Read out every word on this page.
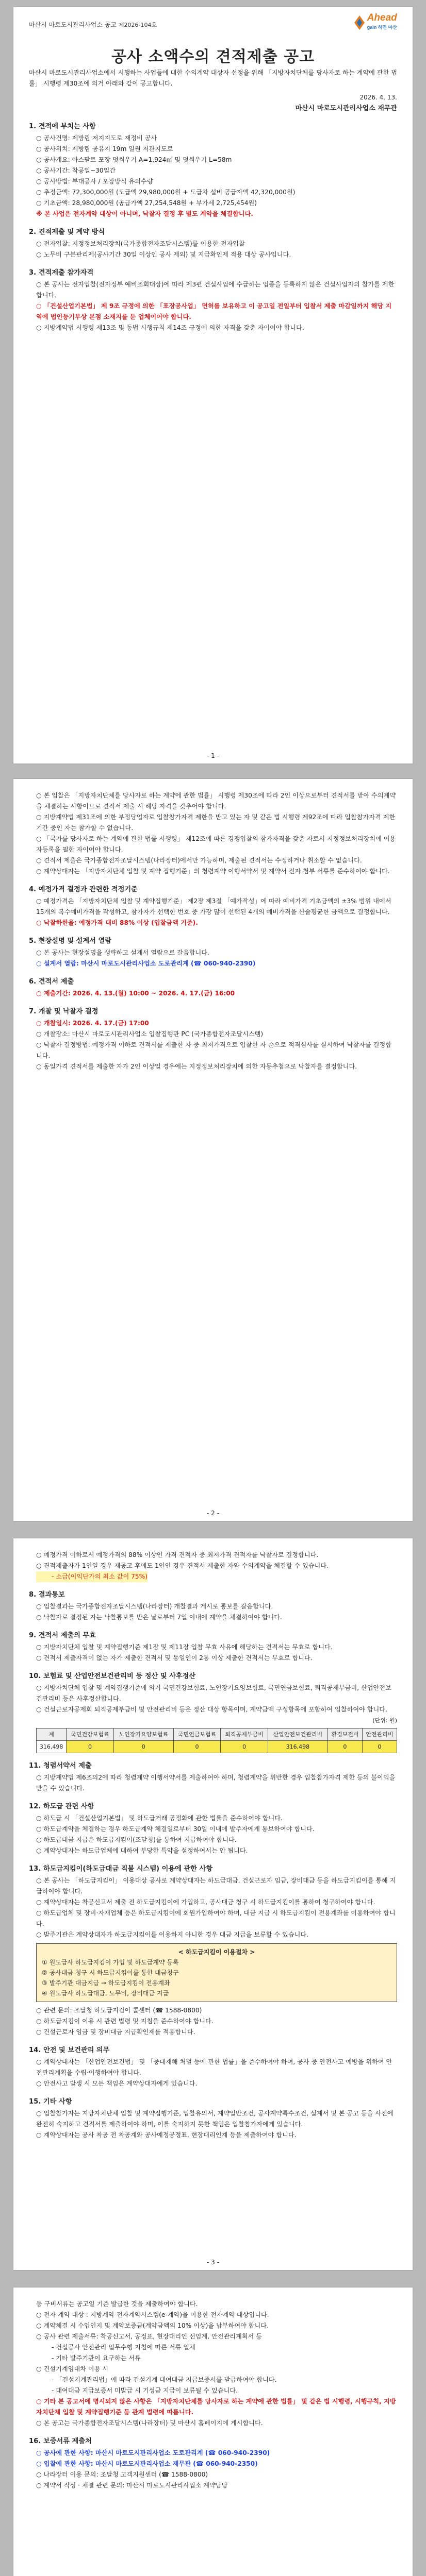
마산시 마로도시관리사업소 공고 제2026-104호
Ahead
gain 하면 마산
공사 소액수의 견적제출 공고
마산시 마로도시관리사업소에서 시행하는 사업들에 대한 수의계약 대상자 선정을 위해 「지방자치단체를 당사자로 하는 계약에 관한 법률」 시행령 제30조에 의거 아래와 같이 공고합니다.
2026. 4. 13.
마산시 마로도시관리사업소 재무관
1. 견적에 부치는 사항
○ 공사건명: 제방림 저지지도로 재정비 공사
○ 공사위치: 제방림 공유지 19m 일원 저관지도로
○ 공사개요: 아스팔트 포장 덧씌우기 A=1,924㎡ 및 덧씌우기 L=58m
○ 공사기간: 착공일~30일간
○ 공사방법: 부대공사 / 포장방식 유의수량
○ 추정금액: 72,300,000원 (도급액 29,980,000원 + 도급차 설비 공급자액 42,320,000원)
○ 기초금액: 28,980,000원 (공급가액 27,254,548원 + 부가세 2,725,454원)
※ 본 사업은 전자계약 대상이 아니며, 낙찰자 결정 후 별도 계약을 체결합니다.
2. 견적제출 및 계약 방식
○ 전자입찰: 지정정보처리장치(국가종합전자조달시스템)를 이용한 전자입찰
○ 노무비 구분관리제(공사기간 30일 이상인 공사 제외) 및 지급확인제 적용 대상 공사입니다.
3. 견적제출 참가자격
○ 본 공사는 전자입찰(전자정부 예비조회대상)에 따라 제3편 건설사업에 수급하는 업종을 등록하지 않은 건설사업자의 참가를 제한합니다.
○ 「건설산업기본법」 제 9조 규정에 의한 「포장공사업」 면허를 보유하고 이 공고일 전일부터 입찰서 제출 마감일까지 해당 지역에 법인등기부상 본점 소재지를 둔 업체이어야 합니다.
○ 지방계약법 시행령 제13조 및 동법 시행규칙 제14조 규정에 의한 자격을 갖춘 자이어야 합니다.
- 1 -
○ 본 입찰은 「지방자치단체를 당사자로 하는 계약에 관한 법률」 시행령 제30조에 따라 2인 이상으로부터 견적서를 받아 수의계약을 체결하는 사항이므로 견적서 제출 시 해당 자격을 갖추어야 합니다.
○ 지방계약법 제31조에 의한 부정당업자로 입찰참가자격 제한을 받고 있는 자 및 같은 법 시행령 제92조에 따라 입찰참가자격 제한 기간 중인 자는 참가할 수 없습니다.
○ 「국가를 당사자로 하는 계약에 관한 법률 시행령」 제12조에 따른 경쟁입찰의 참가자격을 갖춘 자로서 지정정보처리장치에 이용자등록을 필한 자이어야 합니다.
○ 견적서 제출은 국가종합전자조달시스템(나라장터)에서만 가능하며, 제출된 견적서는 수정하거나 취소할 수 없습니다.
○ 계약상대자는 「지방자치단체 입찰 및 계약 집행기준」의 청렴계약 이행서약서 및 계약서 전자 첨부 서류를 준수하여야 합니다.
4. 예정가격 결정과 관련한 적정기준
○ 예정가격은 「지방자치단체 입찰 및 계약집행기준」 제2장 제3절 「예가작성」에 따라 예비가격 기초금액의 ±3% 범위 내에서 15개의 복수예비가격을 작성하고, 참가자가 선택한 번호 중 가장 많이 선택된 4개의 예비가격을 산술평균한 금액으로 결정합니다.
○ 낙찰하한율: 예정가격 대비 88% 이상 (입찰금액 기준).
5. 현장설명 및 설계서 열람
○ 본 공사는 현장설명을 생략하고 설계서 열람으로 갈음합니다.
○ 설계서 열람: 마산시 마로도시관리사업소 도로관리계 (☎ 060-940-2390)
6. 견적서 제출
○ 제출기간: 2026. 4. 13.(월) 10:00 ~ 2026. 4. 17.(금) 16:00
7. 개찰 및 낙찰자 결정
○ 개찰일시: 2026. 4. 17.(금) 17:00
○ 개찰장소: 마산시 마로도시관리사업소 입찰집행관 PC (국가종합전자조달시스템)
○ 낙찰자 결정방법: 예정가격 이하로 견적서를 제출한 자 중 최저가격으로 입찰한 자 순으로 적격심사를 실시하여 낙찰자를 결정합니다.
○ 동일가격 견적서를 제출한 자가 2인 이상일 경우에는 지정정보처리장치에 의한 자동추첨으로 낙찰자를 결정합니다.
- 2 -
○ 예정가격 이하로서 예정가격의 88% 이상인 가격 견적자 중 최저가격 견적자를 낙찰자로 결정합니다.
○ 견적제출자가 1인일 경우 재공고 후에도 1인인 경우 견적서 제출한 자와 수의계약을 체결할 수 있습니다.
- 소급(이익단가의 최소 값이 75%)
8. 결과통보
○ 입찰결과는 국가종합전자조달시스템(나라장터) 개찰결과 게시로 통보를 갈음합니다.
○ 낙찰자로 결정된 자는 낙찰통보를 받은 날로부터 7일 이내에 계약을 체결하여야 합니다.
9. 견적서 제출의 무효
○ 지방자치단체 입찰 및 계약집행기준 제1장 및 제11장 입찰 무효 사유에 해당하는 견적서는 무효로 합니다.
○ 견적서 제출자격이 없는 자가 제출한 견적서 및 동일인이 2통 이상 제출한 견적서는 무효로 합니다.
10. 보험료 및 산업안전보건관리비 등 정산 및 사후정산
○ 지방자치단체 입찰 및 계약집행기준에 의거 국민건강보험료, 노인장기요양보험료, 국민연금보험료, 퇴직공제부금비, 산업안전보건관리비 등은 사후정산합니다.
○ 건설근로자공제회 퇴직공제부금비 및 안전관리비 등은 정산 대상 항목이며, 계약금액 구성항목에 포함하여 입찰하여야 합니다.
(단위: 원)
계	국민건강보험료	노인장기요양보험료	국민연금보험료	퇴직공제부금비	산업안전보건관리비	환경보전비	안전관리비
316,498	0	0	0	0	316,498	0	0
11. 청렴서약서 제출
○ 지방계약법 제6조의2에 따라 청렴계약 이행서약서를 제출하여야 하며, 청렴계약을 위반한 경우 입찰참가자격 제한 등의 불이익을 받을 수 있습니다.
12. 하도급 관련 사항
○ 하도급 시 「건설산업기본법」 및 하도급거래 공정화에 관한 법률을 준수하여야 합니다.
○ 하도급계약을 체결하는 경우 하도급계약 체결일로부터 30일 이내에 발주자에게 통보하여야 합니다.
○ 하도급대금 지급은 하도급지킴이(조달청)를 통하여 지급하여야 합니다.
○ 계약상대자는 하도급업체에 대하여 부당한 특약을 설정하여서는 안 됩니다.
13. 하도급지킴이(하도급대금 직불 시스템) 이용에 관한 사항
○ 본 공사는 「하도급지킴이」 이용대상 공사로 계약상대자는 하도급대금, 건설근로자 임금, 장비대금 등을 하도급지킴이를 통해 지급하여야 합니다.
○ 계약상대자는 착공신고서 제출 전 하도급지킴이에 가입하고, 공사대금 청구 시 하도급지킴이를 통하여 청구하여야 합니다.
○ 하도급업체 및 장비·자재업체 등은 하도급지킴이에 회원가입하여야 하며, 대금 지급 시 하도급지킴이 전용계좌를 이용하여야 합니다.
○ 발주기관은 계약상대자가 하도급지킴이를 이용하지 아니한 경우 대금 지급을 보류할 수 있습니다.
< 하도급지킴이 이용절차 >
① 원도급사 하도급지킴이 가입 및 하도급계약 등록
② 공사대금 청구 시 하도급지킴이를 통한 대금청구
③ 발주기관 대금지급 → 하도급지킴이 전용계좌
④ 원도급사 하도급대금, 노무비, 장비대금 지급
○ 관련 문의: 조달청 하도급지킴이 콜센터 (☎ 1588-0800)
○ 하도급지킴이 이용 시 관련 법령 및 지침을 준수하여야 합니다.
○ 건설근로자 임금 및 장비대금 지급확인제를 적용합니다.
14. 안전 및 보건관리 의무
○ 계약상대자는 「산업안전보건법」 및 「중대재해 처벌 등에 관한 법률」을 준수하여야 하며, 공사 중 안전사고 예방을 위하여 안전관리계획을 수립·이행하여야 합니다.
○ 안전사고 발생 시 모든 책임은 계약상대자에게 있습니다.
15. 기타 사항
○ 입찰참가자는 지방자치단체 입찰 및 계약집행기준, 입찰유의서, 계약일반조건, 공사계약특수조건, 설계서 및 본 공고 등을 사전에 완전히 숙지하고 견적서를 제출하여야 하며, 이를 숙지하지 못한 책임은 입찰참가자에게 있습니다.
○ 계약상대자는 공사 착공 전 착공계와 공사예정공정표, 현장대리인계 등을 제출하여야 합니다.
- 3 -
등 구비서류는 공고일 기준 발급한 것을 제출하여야 합니다.
○ 전자 계약 대상 : 지방계약 전자계약시스템(e-계약)을 이용한 전자계약 대상입니다.
○ 계약체결 시 수입인지 및 계약보증금(계약금액의 10% 이상)을 납부하여야 합니다.
○ 공사 관련 제출서류: 착공신고서, 공정표, 현장대리인 선임계, 안전관리계획서 등
- 건설공사 안전관리 업무수행 지침에 따른 서류 일체
- 기타 발주기관이 요구하는 서류
○ 건설기계임대차 이용 시
- 「건설기계관리법」에 따라 건설기계 대여대금 지급보증서를 발급하여야 합니다.
- 대여대금 지급보증서 미발급 시 기성금 지급이 보류될 수 있습니다.
○ 기타 본 공고서에 명시되지 않은 사항은 「지방자치단체를 당사자로 하는 계약에 관한 법률」 및 같은 법 시행령, 시행규칙, 지방자치단체 입찰 및 계약집행기준 등 관계 법령에 따릅니다.
○ 본 공고는 국가종합전자조달시스템(나라장터) 및 마산시 홈페이지에 게시합니다.
16. 보증서류 제출처
○ 공사에 관한 사항: 마산시 마로도시관리사업소 도로관리계 (☎ 060-940-2390)
○ 입찰에 관한 사항: 마산시 마로도시관리사업소 재무관 (☎ 060-940-2350)
○ 나라장터 이용 문의: 조달청 고객지원센터 (☎ 1588-0800)
○ 계약서 작성 · 체결 관련 문의: 마산시 마로도시관리사업소 계약담당
